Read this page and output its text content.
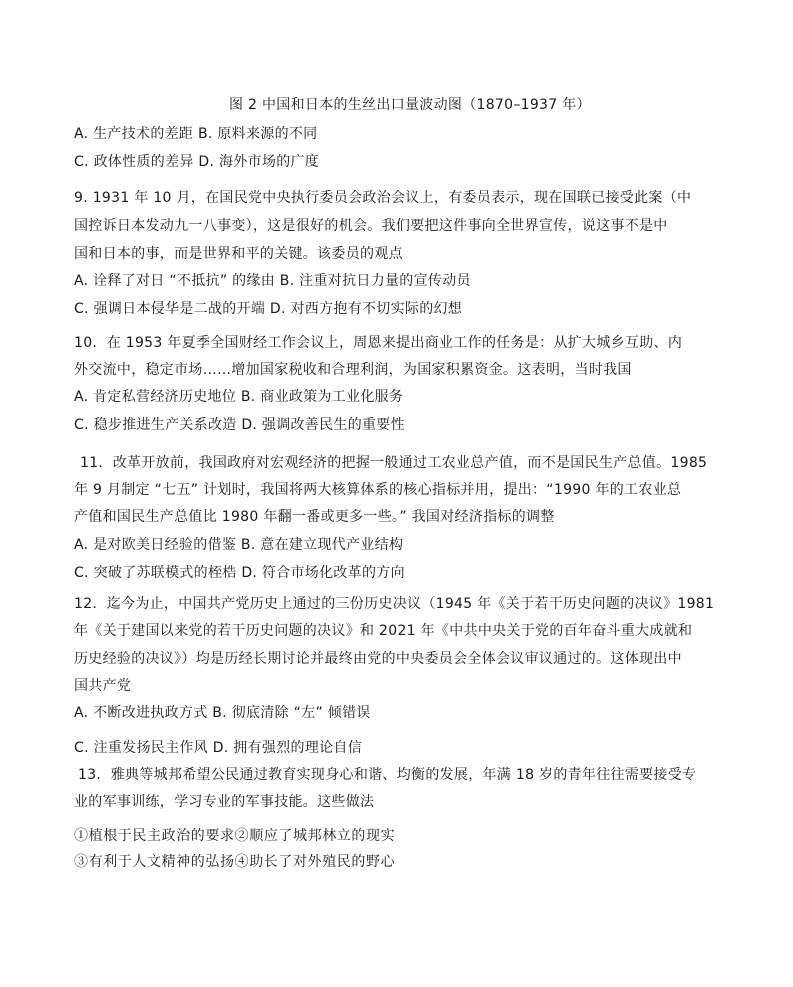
图 2 中国和日本的生丝出口量波动图（1870–1937 年）
A. 生产技术的差距 B. 原料来源的不同
C. 政体性质的差异 D. 海外市场的广度
9. 1931 年 10 月，在国民党中央执行委员会政治会议上，有委员表示，现在国联已接受此案（中
国控诉日本发动九一八事变），这是很好的机会。我们要把这件事向全世界宣传，说这事不是中
国和日本的事，而是世界和平的关键。该委员的观点
A. 诠释了对日 “不抵抗” 的缘由 B. 注重对抗日力量的宣传动员
C. 强调日本侵华是二战的开端 D. 对西方抱有不切实际的幻想
10．在 1953 年夏季全国财经工作会议上，周恩来提出商业工作的任务是：从扩大城乡互助、内
外交流中，稳定市场……增加国家税收和合理利润，为国家积累资金。这表明，当时我国
A. 肯定私营经济历史地位 B. 商业政策为工业化服务
C. 稳步推进生产关系改造 D. 强调改善民生的重要性
11．改革开放前，我国政府对宏观经济的把握一般通过工农业总产值，而不是国民生产总值。1985
年 9 月制定 “七五” 计划时，我国将两大核算体系的核心指标并用，提出：“1990 年的工农业总
产值和国民生产总值比 1980 年翻一番或更多一些。” 我国对经济指标的调整
A. 是对欧美日经验的借鉴 B. 意在建立现代产业结构
C. 突破了苏联模式的桎梏 D. 符合市场化改革的方向
12．迄今为止，中国共产党历史上通过的三份历史决议（1945 年《关于若干历史问题的决议》1981
年《关于建国以来党的若干历史问题的决议》和 2021 年《中共中央关于党的百年奋斗重大成就和
历史经验的决议》）均是历经长期讨论并最终由党的中央委员会全体会议审议通过的。这体现出中
国共产党
A. 不断改进执政方式 B. 彻底清除 “左” 倾错误
C. 注重发扬民主作风 D. 拥有强烈的理论自信
13．雅典等城邦希望公民通过教育实现身心和谐、均衡的发展，年满 18 岁的青年往往需要接受专
业的军事训练，学习专业的军事技能。这些做法
①植根于民主政治的要求②顺应了城邦林立的现实
③有利于人文精神的弘扬④助长了对外殖民的野心
